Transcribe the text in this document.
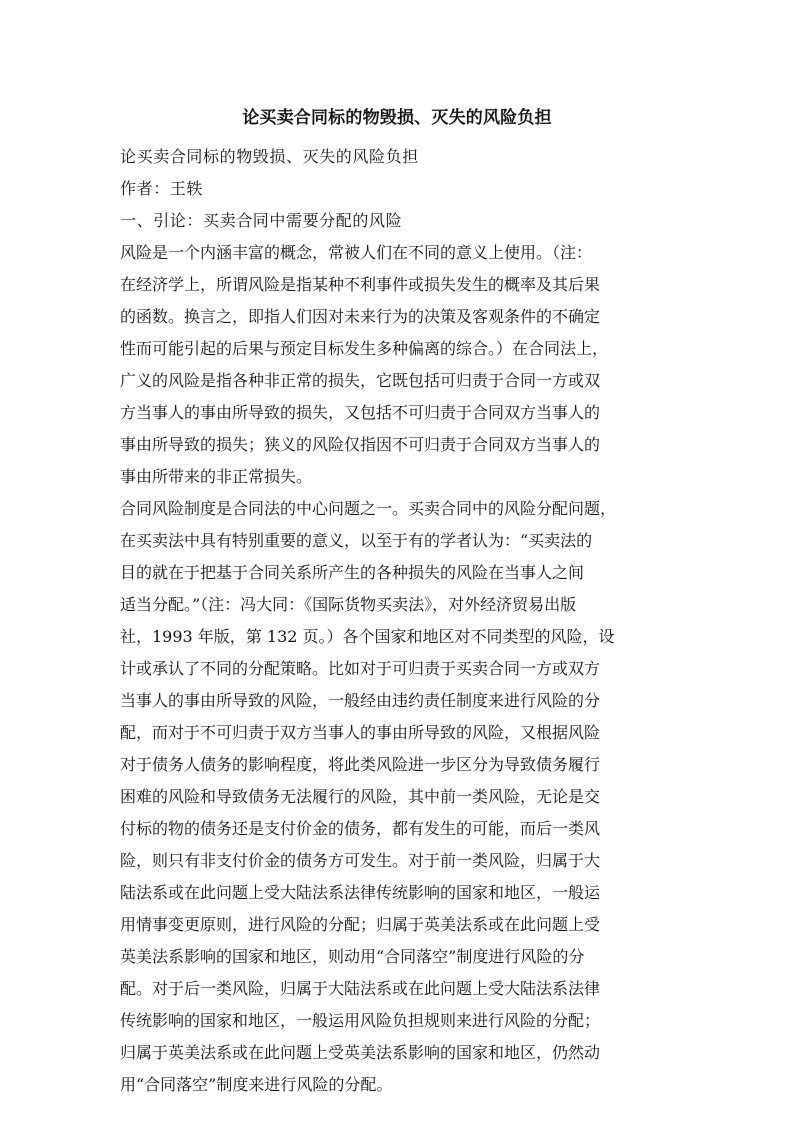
论买卖合同标的物毁损、灭失的风险负担
论买卖合同标的物毁损、灭失的风险负担
作者：王轶
一、引论：买卖合同中需要分配的风险
风险是一个内涵丰富的概念，常被人们在不同的意义上使用。（注：
在经济学上，所谓风险是指某种不利事件或损失发生的概率及其后果
的函数。换言之，即指人们因对未来行为的决策及客观条件的不确定
性而可能引起的后果与预定目标发生多种偏离的综合。）在合同法上，
广义的风险是指各种非正常的损失，它既包括可归责于合同一方或双
方当事人的事由所导致的损失，又包括不可归责于合同双方当事人的
事由所导致的损失；狭义的风险仅指因不可归责于合同双方当事人的
事由所带来的非正常损失。
合同风险制度是合同法的中心问题之一。买卖合同中的风险分配问题，
在买卖法中具有特别重要的意义，以至于有的学者认为：“买卖法的
目的就在于把基于合同关系所产生的各种损失的风险在当事人之间
适当分配。”（注：冯大同：《国际货物买卖法》，对外经济贸易出版
社，1993 年版，第 132 页。）各个国家和地区对不同类型的风险，设
计或承认了不同的分配策略。比如对于可归责于买卖合同一方或双方
当事人的事由所导致的风险，一般经由违约责任制度来进行风险的分
配，而对于不可归责于双方当事人的事由所导致的风险，又根据风险
对于债务人债务的影响程度，将此类风险进一步区分为导致债务履行
困难的风险和导致债务无法履行的风险，其中前一类风险，无论是交
付标的物的债务还是支付价金的债务，都有发生的可能，而后一类风
险，则只有非支付价金的债务方可发生。对于前一类风险，归属于大
陆法系或在此问题上受大陆法系法律传统影响的国家和地区，一般运
用情事变更原则，进行风险的分配；归属于英美法系或在此问题上受
英美法系影响的国家和地区，则动用“合同落空”制度进行风险的分
配。对于后一类风险，归属于大陆法系或在此问题上受大陆法系法律
传统影响的国家和地区，一般运用风险负担规则来进行风险的分配；
归属于英美法系或在此问题上受英美法系影响的国家和地区，仍然动
用“合同落空”制度来进行风险的分配。
